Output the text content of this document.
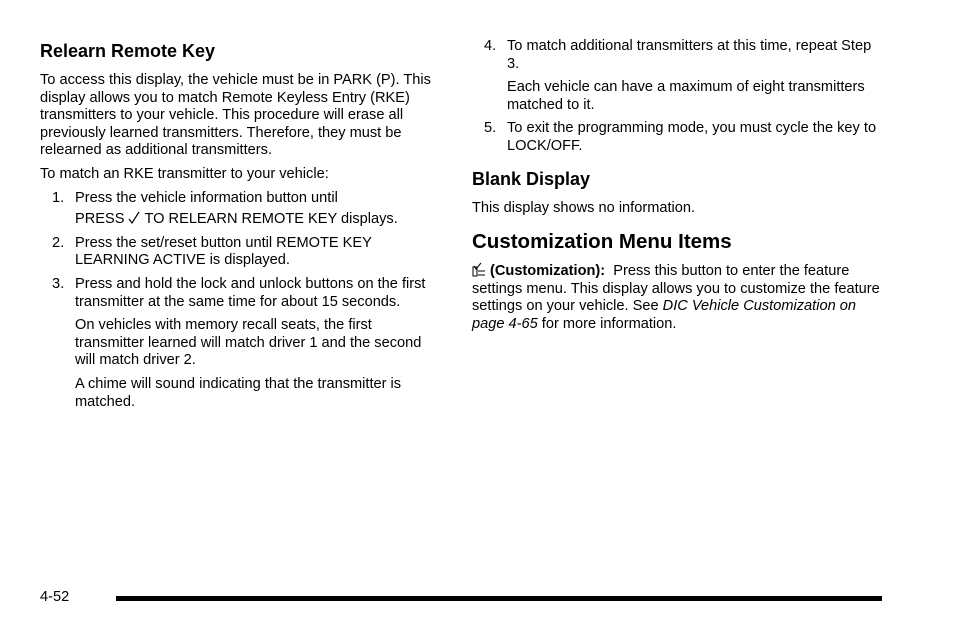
Relearn Remote Key

To access this display, the vehicle must be in PARK (P). This display allows you to match Remote Keyless Entry (RKE) transmitters to your vehicle. This procedure will erase all previously learned transmitters. Therefore, they must be relearned as additional transmitters.

To match an RKE transmitter to your vehicle:

1. Press the vehicle information button until
PRESS TO RELEARN REMOTE KEY displays.
2. Press the set/reset button until REMOTE KEY LEARNING ACTIVE is displayed.
3. Press and hold the lock and unlock buttons on the first transmitter at the same time for about 15 seconds.

On vehicles with memory recall seats, the first transmitter learned will match driver 1 and the second will match driver 2.

A chime will sound indicating that the transmitter is matched.

4. To match additional transmitters at this time, repeat Step 3.

Each vehicle can have a maximum of eight transmitters matched to it.

5. To exit the programming mode, you must cycle the key to LOCK/OFF.
Blank Display

This display shows no information.

Customization Menu Items

(Customization): Press this button to enter the feature settings menu. This display allows you to customize the feature settings on your vehicle. See DIC Vehicle Customization on page 4-65 for more information.

4-52
